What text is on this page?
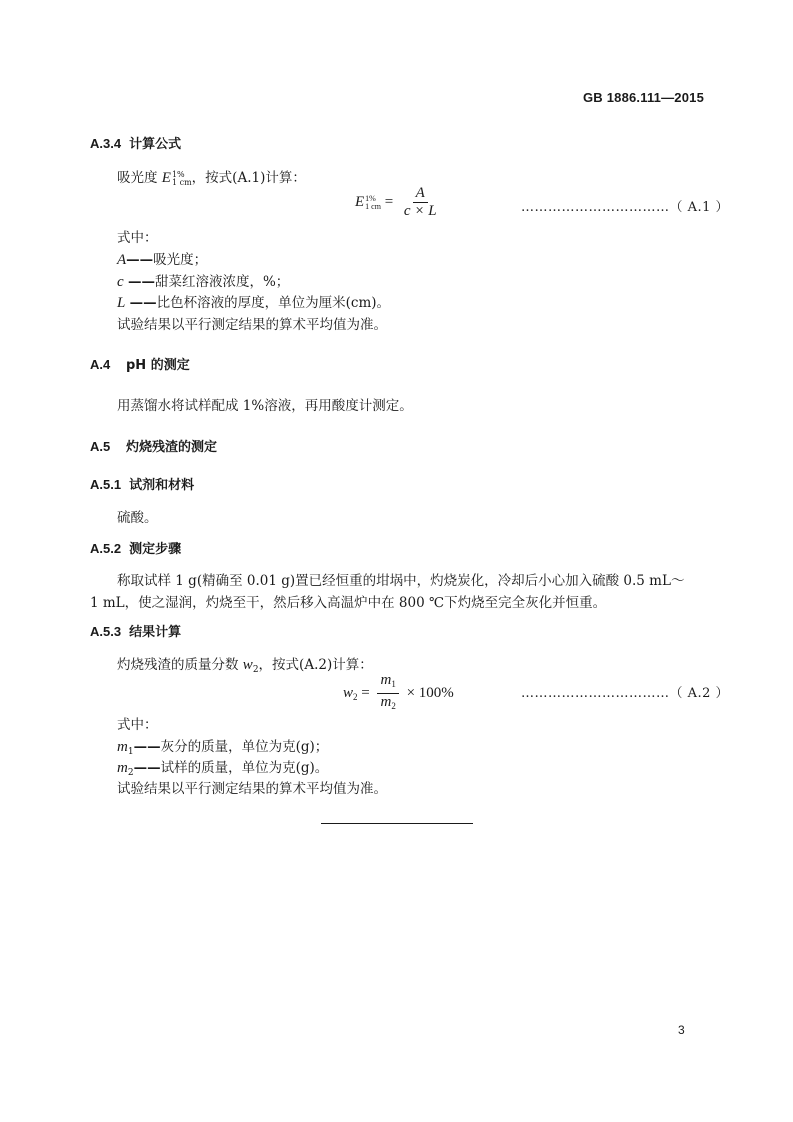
GB 1886.111—2015
A.3.4 计算公式
吸光度 E 1%
1 cm ，按式(A.1)计算：
E 1%
1 cm = $\frac{A}{c \times L}$	……………………………（ A.1 ）
式中：
A——吸光度；
c ——甜菜红溶液浓度，%；
L ——比色杯溶液的厚度，单位为厘米(cm)。
试验结果以平行测定结果的算术平均值为准。
A.4 pH 的测定
用蒸馏水将试样配成 1%溶液，再用酸度计测定。
A.5 灼烧残渣的测定
A.5.1 试剂和材料
硫酸。
A.5.2 测定步骤
称取试样 1 g(精确至 0.01 g)置已经恒重的坩埚中，灼烧炭化，冷却后小心加入硫酸 0.5 mL～
1 mL，使之湿润，灼烧至干，然后移入高温炉中在 800 ℃下灼烧至完全灰化并恒重。
A.5.3 结果计算
灼烧残渣的质量分数 $w_2$，按式(A.2)计算：
$w_2 = \frac{m_1}{m_2} \times 100\%$	……………………………（ A.2 ）
式中：
$m_1——$灰分的质量，单位为克(g)；
$m_2——$试样的质量，单位为克(g)。
试验结果以平行测定结果的算术平均值为准。
3
